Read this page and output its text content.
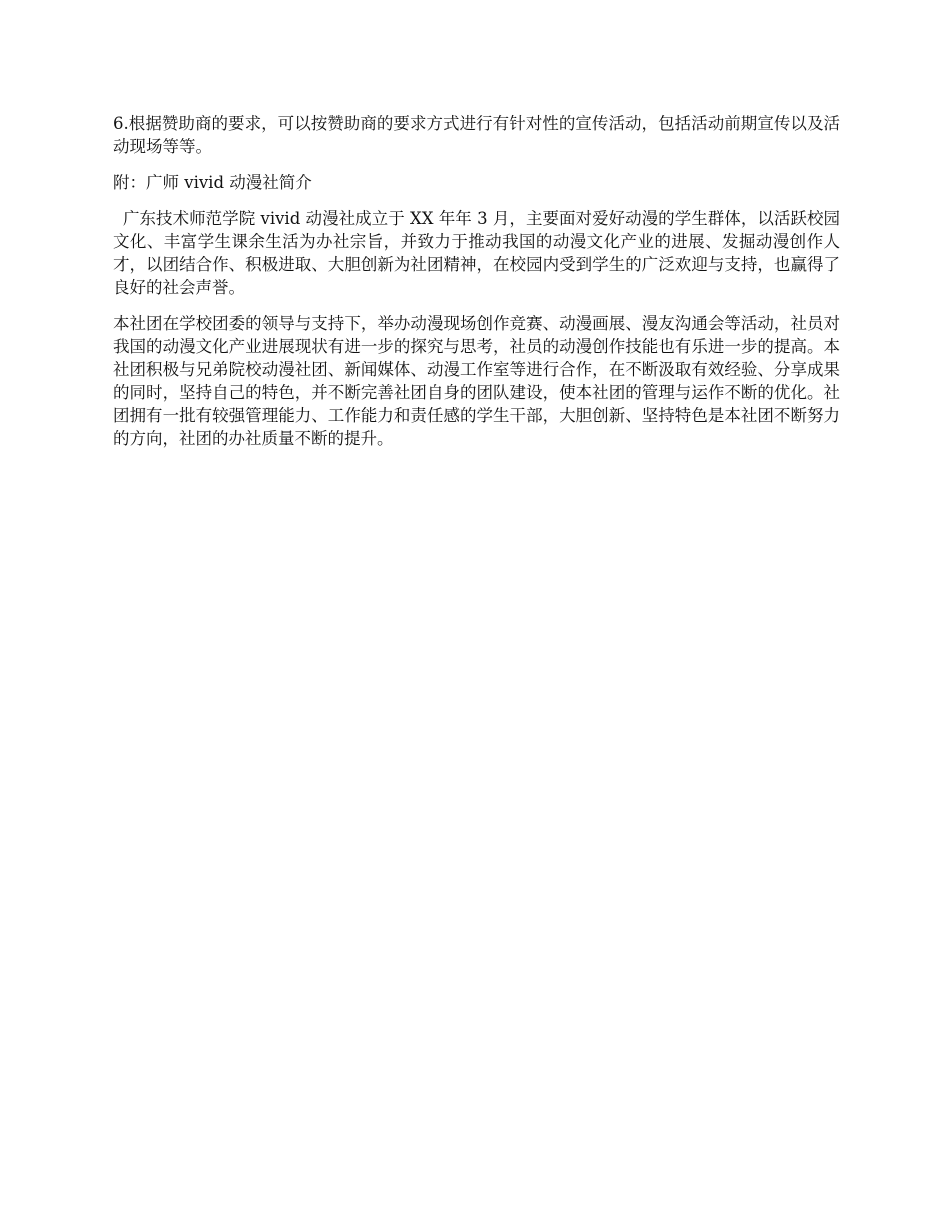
6.根据赞助商的要求，可以按赞助商的要求方式进行有针对性的宣传活动，包括活动前期宣传以及活动现场等等。

附：广师 vivid 动漫社简介

广东技术师范学院 vivid 动漫社成立于 XX 年年 3 月，主要面对爱好动漫的学生群体，以活跃校园文化、丰富学生课余生活为办社宗旨，并致力于推动我国的动漫文化产业的进展、发掘动漫创作人才，以团结合作、积极进取、大胆创新为社团精神，在校园内受到学生的广泛欢迎与支持，也赢得了良好的社会声誉。

本社团在学校团委的领导与支持下，举办动漫现场创作竞赛、动漫画展、漫友沟通会等活动，社员对我国的动漫文化产业进展现状有进一步的探究与思考，社员的动漫创作技能也有乐进一步的提高。本社团积极与兄弟院校动漫社团、新闻媒体、动漫工作室等进行合作，在不断汲取有效经验、分享成果的同时，坚持自己的特色，并不断完善社团自身的团队建设，使本社团的管理与运作不断的优化。社团拥有一批有较强管理能力、工作能力和责任感的学生干部，大胆创新、坚持特色是本社团不断努力的方向，社团的办社质量不断的提升。
